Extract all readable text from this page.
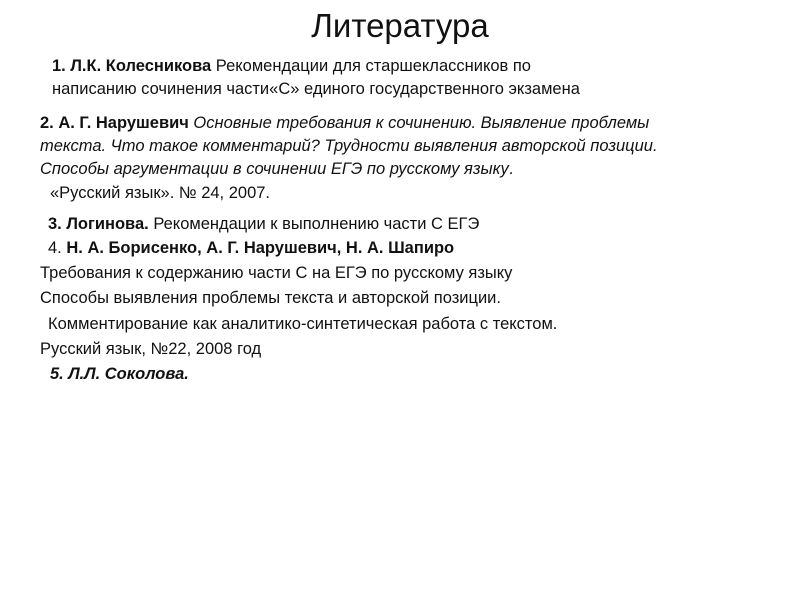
Литература
1. Л.К. Колесникова Рекомендации для старшеклассников по
написанию сочинения части«С» единого государственного экзамена
2. А. Г. Нарушевич Основные требования к сочинению. Выявление проблемы
текста. Что такое комментарий? Трудности выявления авторской позиции.
Способы аргументации в сочинении ЕГЭ по русскому языку.
«Русский язык». № 24, 2007.
3. Логинова. Рекомендации к выполнению части С ЕГЭ
4. Н. А. Борисенко, А. Г. Нарушевич, Н. А. Шапиро
Требования к содержанию части С на ЕГЭ по русскому языку
Способы выявления проблемы текста и авторской позиции.
Комментирование как аналитико-синтетическая работа с текстом.
Русский язык, №22, 2008 год
5. Л.Л. Соколова.
